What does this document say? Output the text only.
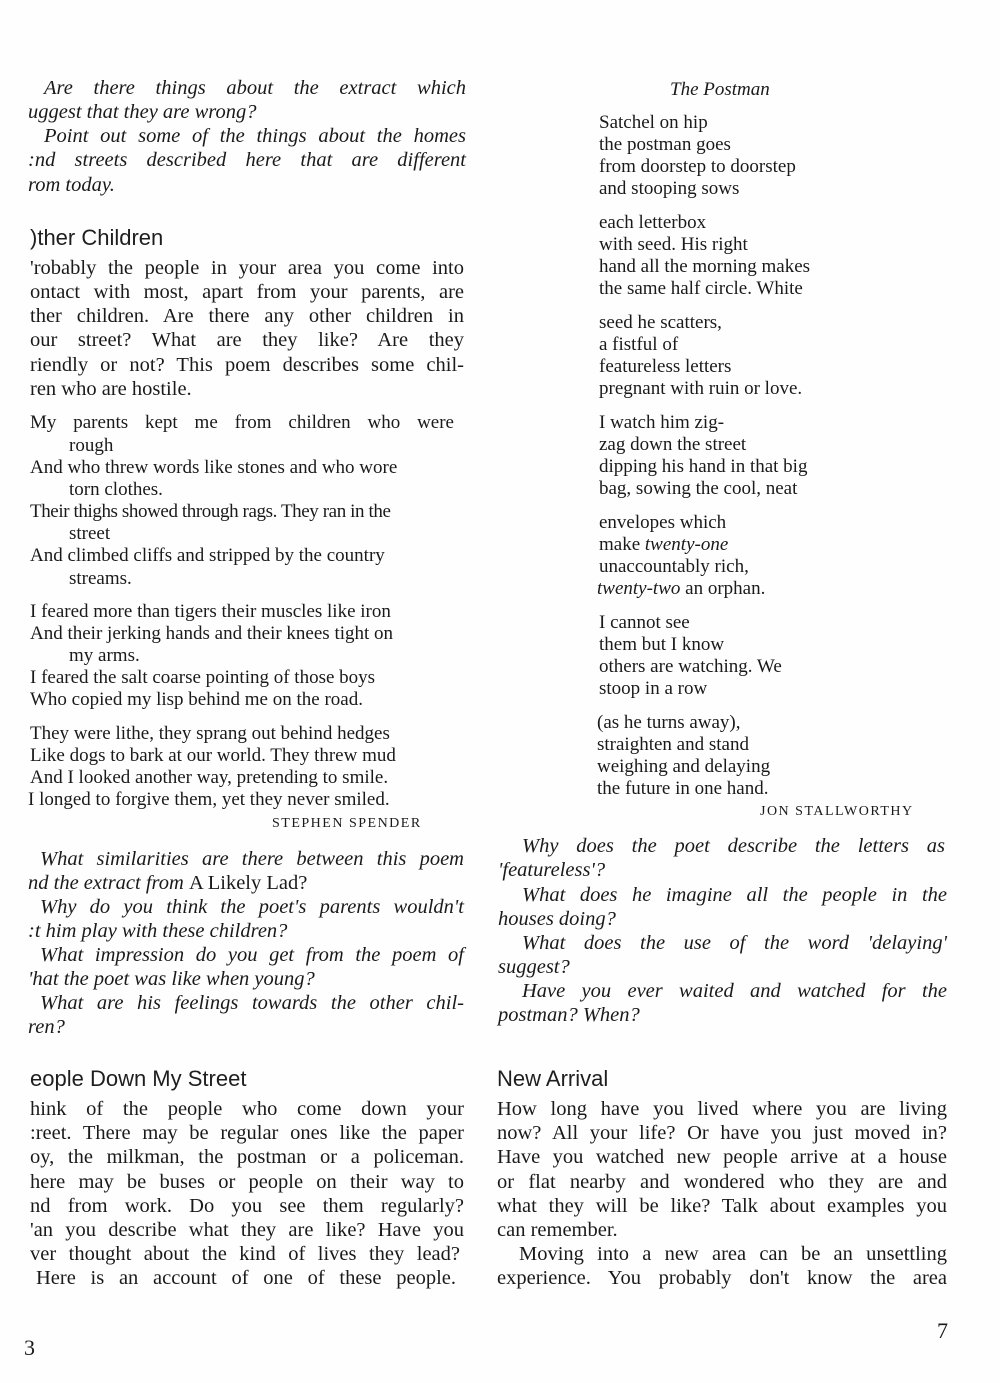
Are there things about the extract which
uggest that they are wrong?
Point out some of the things about the homes
:nd streets described here that are different
rom today.
)ther Children
'robably the people in your area you come into
ontact with most, apart from your parents, are
ther children. Are there any other children in
our street? What are they like? Are they
riendly or not? This poem describes some chil-
ren who are hostile.
My parents kept me from children who were
rough
And who threw words like stones and who wore
torn clothes.
Their thighs showed through rags. They ran in the
street
And climbed cliffs and stripped by the country
streams.
I feared more than tigers their muscles like iron
And their jerking hands and their knees tight on
my arms.
I feared the salt coarse pointing of those boys
Who copied my lisp behind me on the road.
They were lithe, they sprang out behind hedges
Like dogs to bark at our world. They threw mud
And I looked another way, pretending to smile.
I longed to forgive them, yet they never smiled.
STEPHEN SPENDER
What similarities are there between this poem
nd the extract from A Likely Lad?
Why do you think the poet's parents wouldn't
:t him play with these children?
What impression do you get from the poem of
'hat the poet was like when young?
What are his feelings towards the other chil-
ren?
eople Down My Street
hink of the people who come down your
:reet. There may be regular ones like the paper
oy, the milkman, the postman or a policeman.
here may be buses or people on their way to
nd from work. Do you see them regularly?
'an you describe what they are like? Have you
ver thought about the kind of lives they lead?
Here is an account of one of these people.
3
The Postman
Satchel on hip
the postman goes
from doorstep to doorstep
and stooping sows
each letterbox
with seed. His right
hand all the morning makes
the same half circle. White
seed he scatters,
a fistful of
featureless letters
pregnant with ruin or love.
I watch him zig-
zag down the street
dipping his hand in that big
bag, sowing the cool, neat
envelopes which
make twenty-one
unaccountably rich,
twenty-two an orphan.
I cannot see
them but I know
others are watching. We
stoop in a row
(as he turns away),
straighten and stand
weighing and delaying
the future in one hand.
JON STALLWORTHY
Why does the poet describe the letters as
'featureless'?
What does he imagine all the people in the
houses doing?
What does the use of the word 'delaying'
suggest?
Have you ever waited and watched for the
postman? When?
New Arrival
How long have you lived where you are living
now? All your life? Or have you just moved in?
Have you watched new people arrive at a house
or flat nearby and wondered who they are and
what they will be like? Talk about examples you
can remember.
Moving into a new area can be an unsettling
experience. You probably don't know the area
7
